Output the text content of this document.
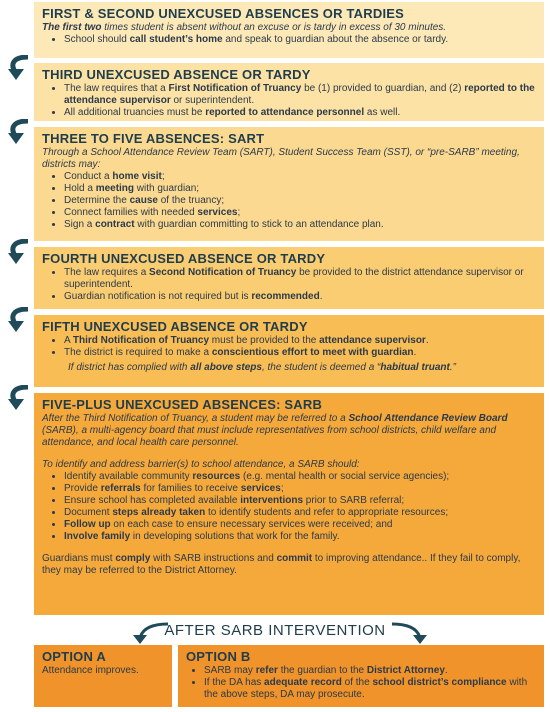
FIRST & SECOND UNEXCUSED ABSENCES OR TARDIES

The first two times student is absent without an excuse or is tardy in excess of 30 minutes.

• School should call student’s home and speak to guardian about the absence or tardy.
THIRD UNEXCUSED ABSENCE OR TARDY
• The law requires that a First Notification of Truancy be (1) provided to guardian, and (2) reported to the attendance supervisor or superintendent.
• All additional truancies must be reported to attendance personnel as well.
THREE TO FIVE ABSENCES: SART

Through a School Attendance Review Team (SART), Student Success Team (SST), or “pre-SARB” meeting, districts may:

• Conduct a home visit;
• Hold a meeting with guardian;
• Determine the cause of the truancy;
• Connect families with needed services;
• Sign a contract with guardian committing to stick to an attendance plan.
FOURTH UNEXCUSED ABSENCE OR TARDY
• The law requires a Second Notification of Truancy be provided to the district attendance supervisor or superintendent.
• Guardian notification is not required but is recommended.
FIFTH UNEXCUSED ABSENCE OR TARDY
• A Third Notification of Truancy must be provided to the attendance supervisor.
• The district is required to make a conscientious effort to meet with guardian.
If district has complied with all above steps, the student is deemed a “habitual truant.”
FIVE-PLUS UNEXCUSED ABSENCES: SARB

After the Third Notification of Truancy, a student may be referred to a School Attendance Review Board (SARB), a multi-agency board that must include representatives from school districts, child welfare and attendance, and local health care personnel.

To identify and address barrier(s) to school attendance, a SARB should:

• Identify available community resources (e.g. mental health or social service agencies);
• Provide referrals for families to receive services;
• Ensure school has completed available interventions prior to SARB referral;
• Document steps already taken to identify students and refer to appropriate resources;
• Follow up on each case to ensure necessary services were received; and
• Involve family in developing solutions that work for the family.

Guardians must comply with SARB instructions and commit to improving attendance.. If they fail to comply, they may be referred to the District Attorney.

AFTER SARB INTERVENTION
OPTION A

Attendance improves.

OPTION B
• SARB may refer the guardian to the District Attorney.
• If the DA has adequate record of the school district’s compliance with the above steps, DA may prosecute.
